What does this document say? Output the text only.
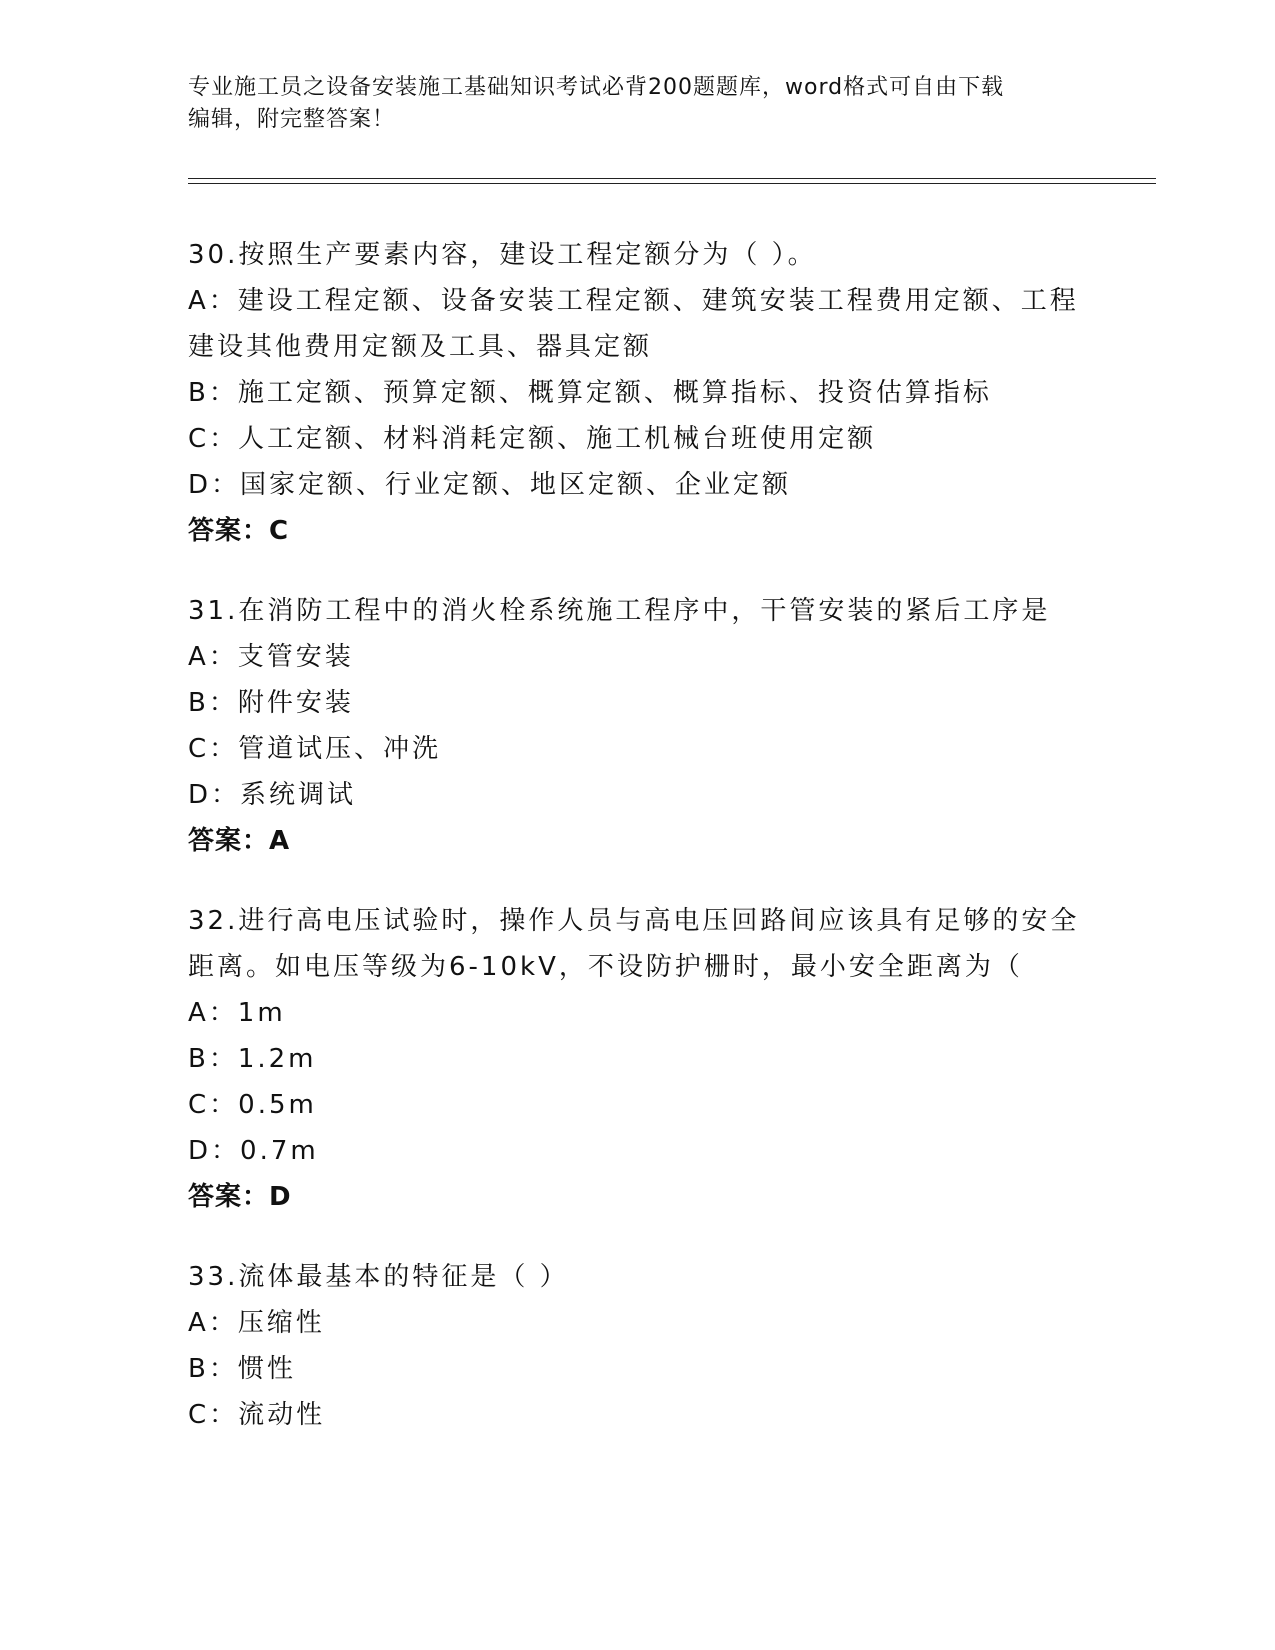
专业施工员之设备安装施工基础知识考试必背200题题库，word格式可自由下载
编辑，附完整答案！
30.按照生产要素内容，建设工程定额分为（ ）。
A：建设工程定额、设备安装工程定额、建筑安装工程费用定额、工程
建设其他费用定额及工具、器具定额
B：施工定额、预算定额、概算定额、概算指标、投资估算指标
C：人工定额、材料消耗定额、施工机械台班使用定额
D：国家定额、行业定额、地区定额、企业定额
答案：C
31.在消防工程中的消火栓系统施工程序中，干管安装的紧后工序是
A：支管安装
B：附件安装
C：管道试压、冲洗
D：系统调试
答案：A
32.进行高电压试验时，操作人员与高电压回路间应该具有足够的安全
距离。如电压等级为6-10kV，不设防护栅时，最小安全距离为（
A：1m
B：1.2m
C：0.5m
D：0.7m
答案：D
33.流体最基本的特征是（ ）
A：压缩性
B：惯性
C：流动性
